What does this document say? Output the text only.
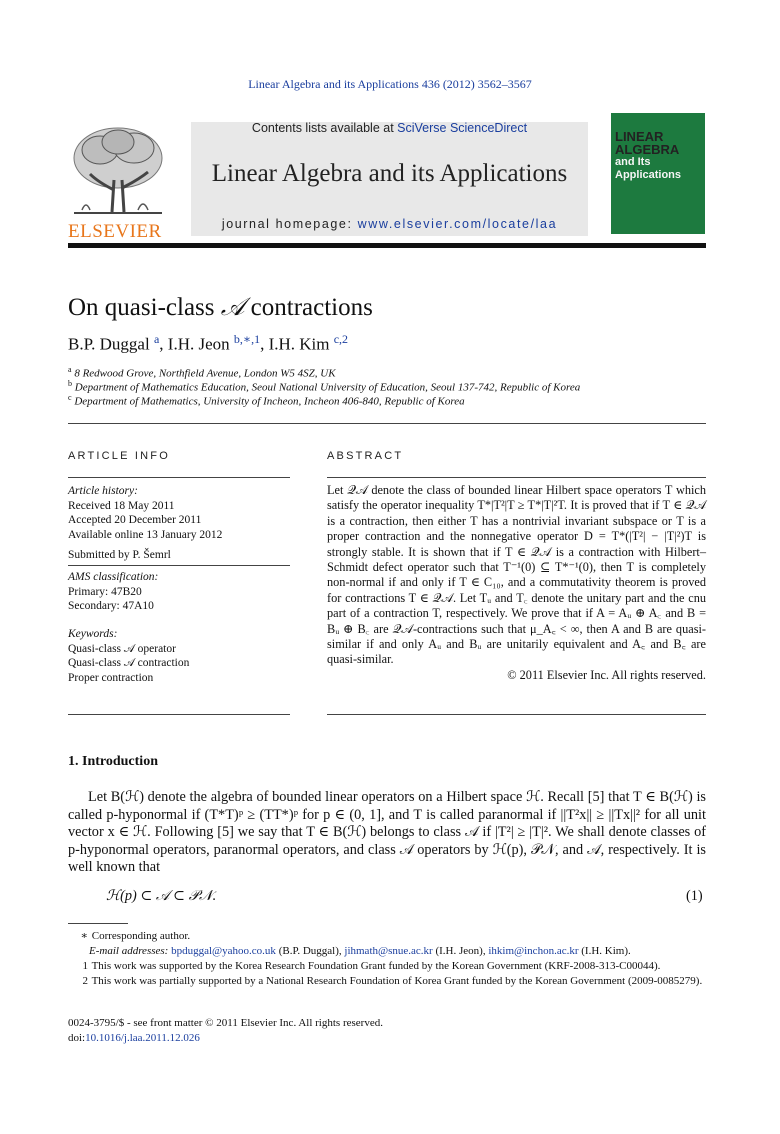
Linear Algebra and its Applications 436 (2012) 3562–3567
ELSEVIER
Contents lists available at SciVerse ScienceDirect
Linear Algebra and its Applications
journal homepage: www.elsevier.com/locate/laa
LINEAR
ALGEBRA
and Its
Applications
On quasi-class 𝒜 contractions
B.P. Duggal $^a$, I.H. Jeon $^{b,∗,1}$, I.H. Kim $^{c,2}$
$^a$ 8 Redwood Grove, Northfield Avenue, London W5 4SZ, UK
$^b$ Department of Mathematics Education, Seoul National University of Education, Seoul 137-742, Republic of Korea
$^c$ Department of Mathematics, University of Incheon, Incheon 406-840, Republic of Korea
ARTICLE INFO
Article history:
Received 18 May 2011
Accepted 20 December 2011
Available online 13 January 2012
Submitted by P. Šemrl
AMS classification:
Primary: 47B20
Secondary: 47A10
Keywords:
Quasi-class 𝒜 operator
Quasi-class 𝒜 contraction
Proper contraction
ABSTRACT
Let 𝒬𝒜 denote the class of bounded linear Hilbert space operators T which satisfy the operator inequality T*|T²|T ≥ T*|T|²T. It is proved that if T ∈ 𝒬𝒜 is a contraction, then either T has a nontrivial invariant subspace or T is a proper contraction and the nonnegative operator D = T*(|T²| − |T|²)T is strongly stable. It is shown that if T ∈ 𝒬𝒜 is a contraction with Hilbert–Schmidt defect operator such that T⁻¹(0) ⊆ T*⁻¹(0), then T is completely non-normal if and only if T ∈ C₁₀, and a commutativity theorem is proved for contractions T ∈ 𝒬𝒜. Let Tᵤ and T꜀ denote the unitary part and the cnu part of a contraction T, respectively. We prove that if A = Aᵤ ⊕ A꜀ and B = Bᵤ ⊕ B꜀ are 𝒬𝒜-contractions such that μ_A꜀ < ∞, then A and B are quasi-similar if and only Aᵤ and Bᵤ are unitarily equivalent and A꜀ and B꜀ are quasi-similar.
© 2011 Elsevier Inc. All rights reserved.
1. Introduction
Let B(ℋ) denote the algebra of bounded linear operators on a Hilbert space ℋ. Recall [5] that T ∈ B(ℋ) is called p-hyponormal if (T*T)ᵖ ≥ (TT*)ᵖ for p ∈ (0, 1], and T is called paranormal if ||T²x|| ≥ ||Tx||² for all unit vector x ∈ ℋ. Following [5] we say that T ∈ B(ℋ) belongs to class 𝒜 if |T²| ≥ |T|². We shall denote classes of p-hyponormal operators, paranormal operators, and class 𝒜 operators by ℋ(p), 𝒫𝒩, and 𝒜, respectively. It is well known that
ℋ(p) ⊂ 𝒜 ⊂ 𝒫𝒩.	(1)
∗ Corresponding author.
E-mail addresses: bpduggal@yahoo.co.uk (B.P. Duggal), jihmath@snue.ac.kr (I.H. Jeon), ihkim@inchon.ac.kr (I.H. Kim).
1 This work was supported by the Korea Research Foundation Grant funded by the Korean Government (KRF-2008-313-C00044).
2 This work was partially supported by a National Research Foundation of Korea Grant funded by the Korean Government (2009-0085279).
0024-3795/$ - see front matter © 2011 Elsevier Inc. All rights reserved.
doi:10.1016/j.laa.2011.12.026
